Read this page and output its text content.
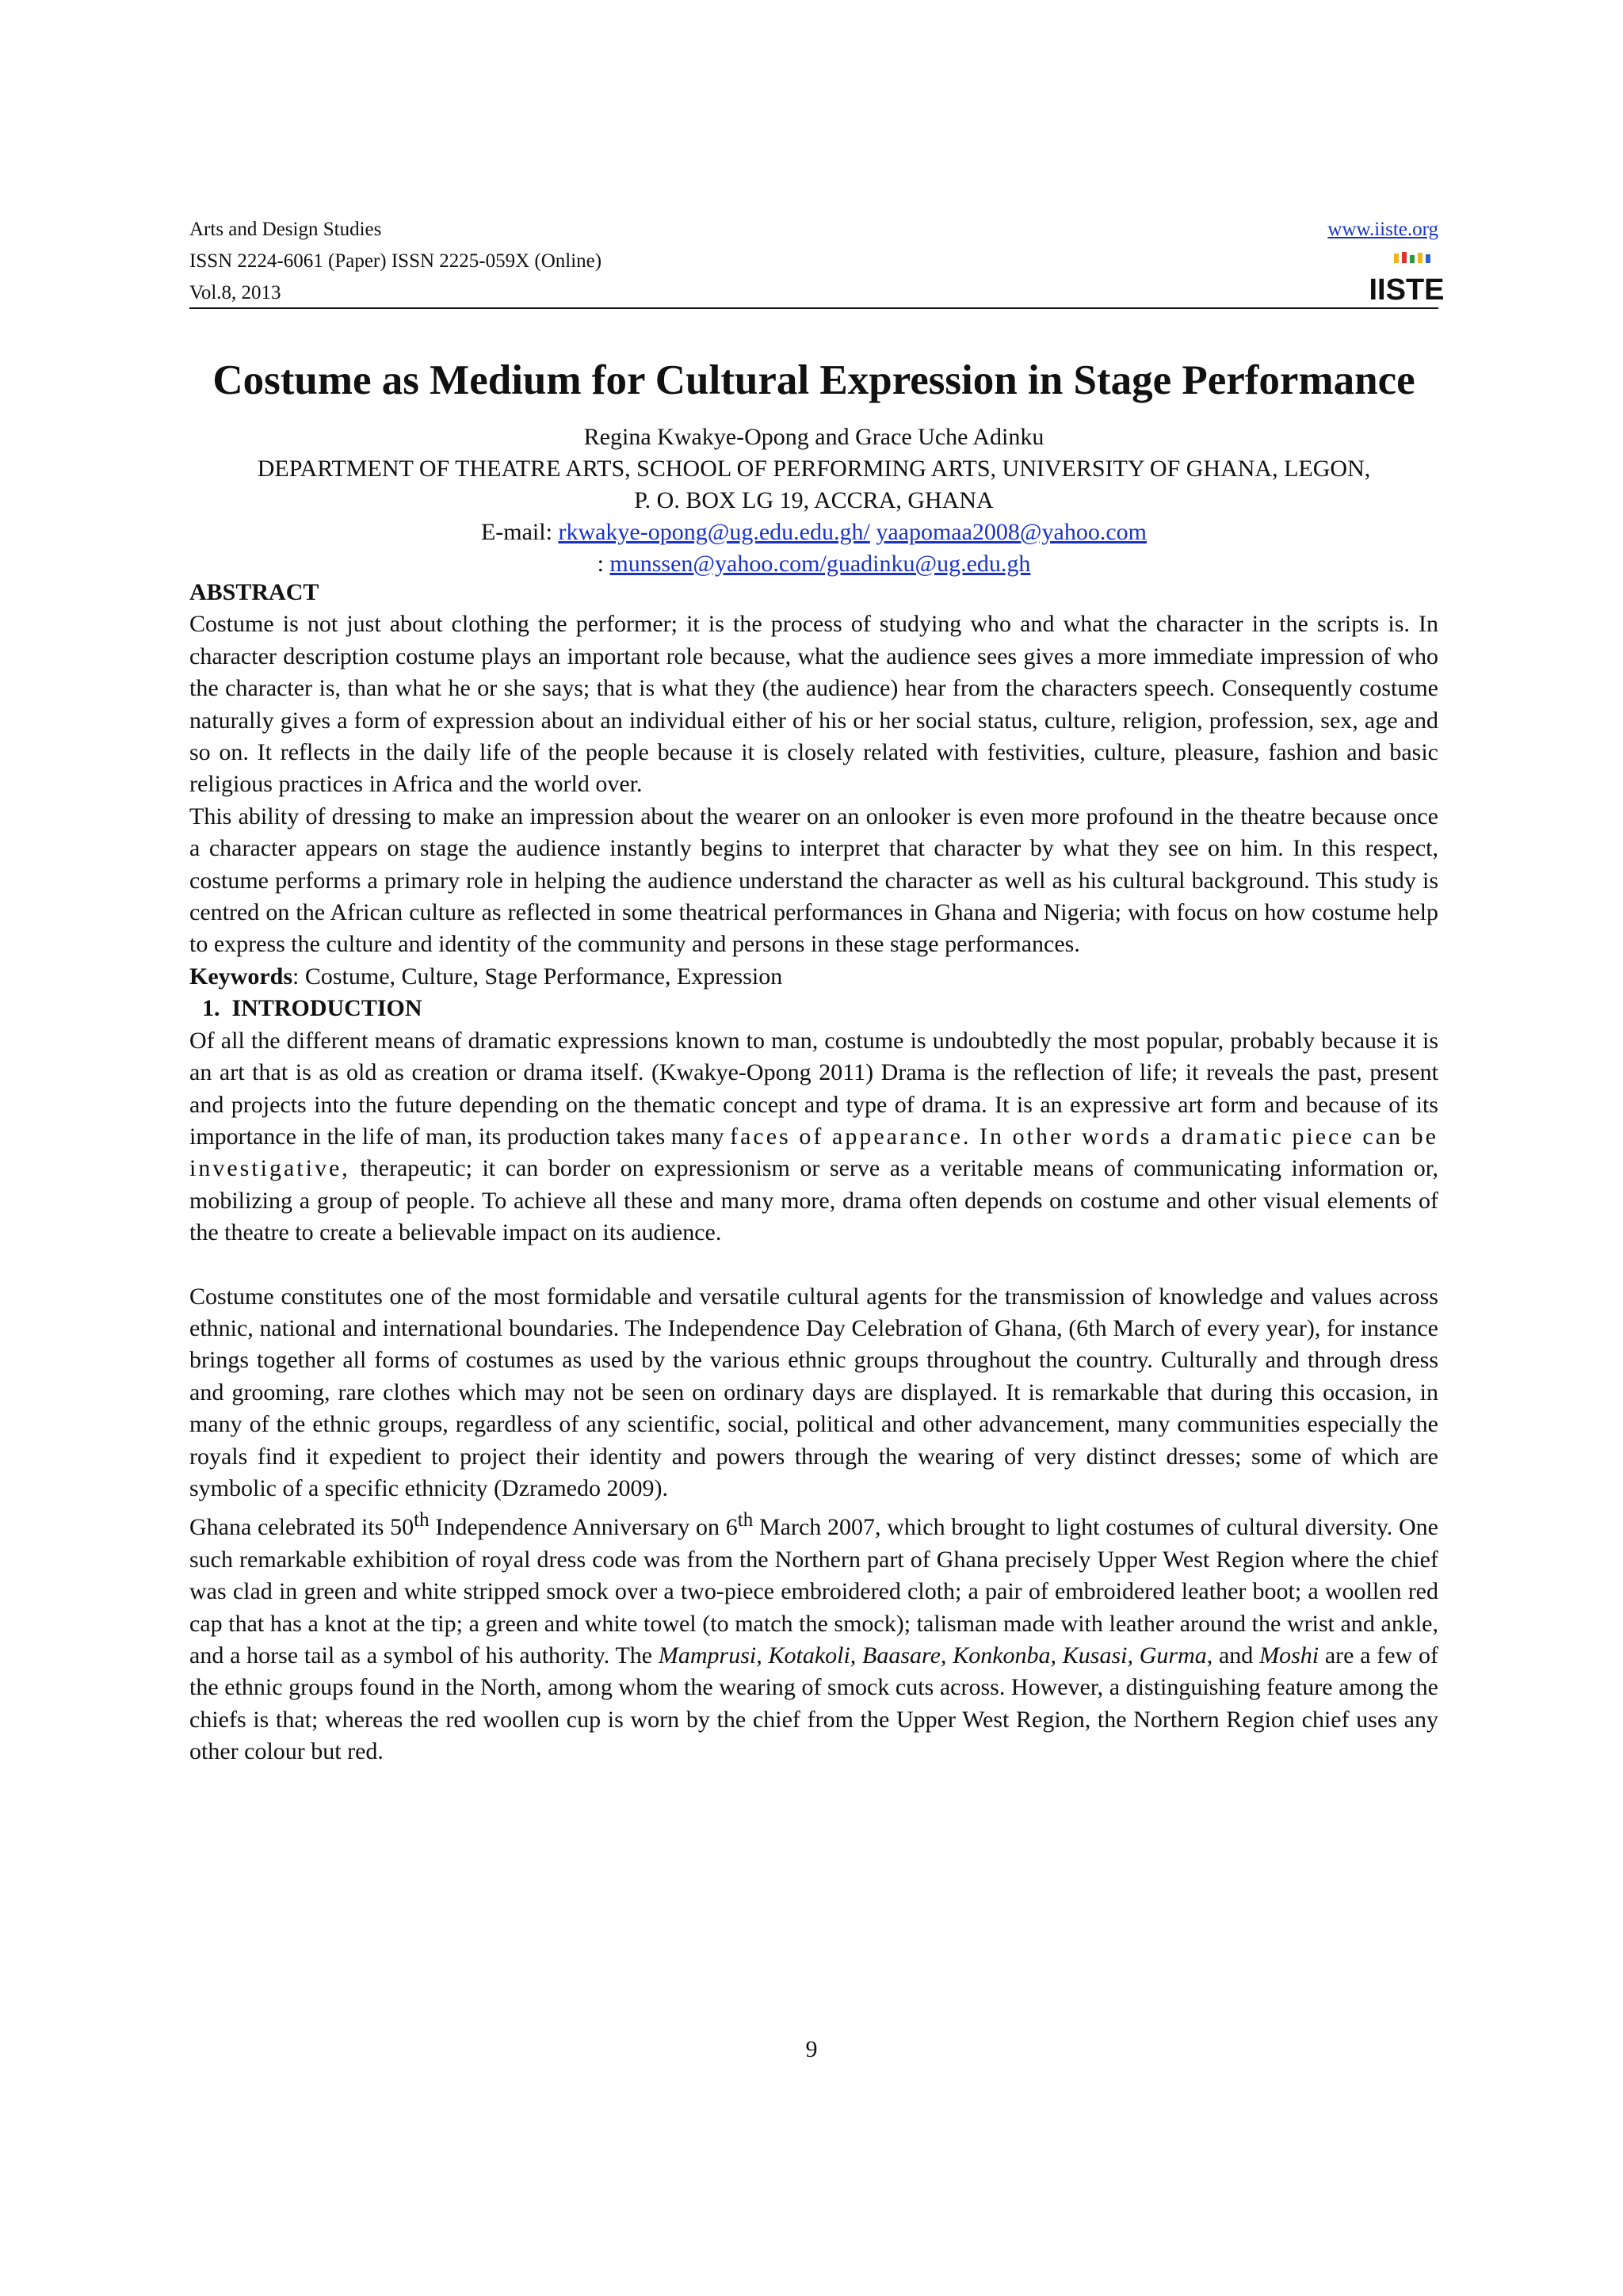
Arts and Design Studies
ISSN 2224-6061 (Paper) ISSN 2225-059X (Online)
Vol.8, 2013
www.iiste.org
IISTE
Costume as Medium for Cultural Expression in Stage Performance
Regina Kwakye-Opong and Grace Uche Adinku
DEPARTMENT OF THEATRE ARTS, SCHOOL OF PERFORMING ARTS, UNIVERSITY OF GHANA, LEGON,
P. O. BOX LG 19, ACCRA, GHANA
E-mail: rkwakye-opong@ug.edu.edu.gh/ yaapomaa2008@yahoo.com
: munssen@yahoo.com/guadinku@ug.edu.gh

ABSTRACT

Costume is not just about clothing the performer; it is the process of studying who and what the character in the scripts is. In character description costume plays an important role because, what the audience sees gives a more immediate impression of who the character is, than what he or she says; that is what they (the audience) hear from the characters speech. Consequently costume naturally gives a form of expression about an individual either of his or her social status, culture, religion, profession, sex, age and so on. It reflects in the daily life of the people because it is closely related with festivities, culture, pleasure, fashion and basic religious practices in Africa and the world over.

This ability of dressing to make an impression about the wearer on an onlooker is even more profound in the theatre because once a character appears on stage the audience instantly begins to interpret that character by what they see on him. In this respect, costume performs a primary role in helping the audience understand the character as well as his cultural background. This study is centred on the African culture as reflected in some theatrical performances in Ghana and Nigeria; with focus on how costume help to express the culture and identity of the community and persons in these stage performances.

Keywords: Costume, Culture, Stage Performance, Expression

1.  INTRODUCTION

Of all the different means of dramatic expressions known to man, costume is undoubtedly the most popular, probably because it is an art that is as old as creation or drama itself. (Kwakye-Opong 2011) Drama is the reflection of life; it reveals the past, present and projects into the future depending on the thematic concept and type of drama. It is an expressive art form and because of its importance in the life of man, its production takes many faces of appearance. In other words a dramatic piece can be investigative, therapeutic; it can border on expressionism or serve as a veritable means of communicating information or, mobilizing a group of people. To achieve all these and many more, drama often depends on costume and other visual elements of the theatre to create a believable impact on its audience.

Costume constitutes one of the most formidable and versatile cultural agents for the transmission of knowledge and values across ethnic, national and international boundaries. The Independence Day Celebration of Ghana, (6th March of every year), for instance brings together all forms of costumes as used by the various ethnic groups throughout the country. Culturally and through dress and grooming, rare clothes which may not be seen on ordinary days are displayed. It is remarkable that during this occasion, in many of the ethnic groups, regardless of any scientific, social, political and other advancement, many communities especially the royals find it expedient to project their identity and powers through the wearing of very distinct dresses; some of which are symbolic of a specific ethnicity (Dzramedo 2009).

Ghana celebrated its 50th Independence Anniversary on 6th March 2007, which brought to light costumes of cultural diversity. One such remarkable exhibition of royal dress code was from the Northern part of Ghana precisely Upper West Region where the chief was clad in green and white stripped smock over a two-piece embroidered cloth; a pair of embroidered leather boot; a woollen red cap that has a knot at the tip; a green and white towel (to match the smock); talisman made with leather around the wrist and ankle, and a horse tail as a symbol of his authority. The Mamprusi, Kotakoli, Baasare, Konkonba, Kusasi, Gurma, and Moshi are a few of the ethnic groups found in the North, among whom the wearing of smock cuts across. However, a distinguishing feature among the chiefs is that; whereas the red woollen cup is worn by the chief from the Upper West Region, the Northern Region chief uses any other colour but red.

9
